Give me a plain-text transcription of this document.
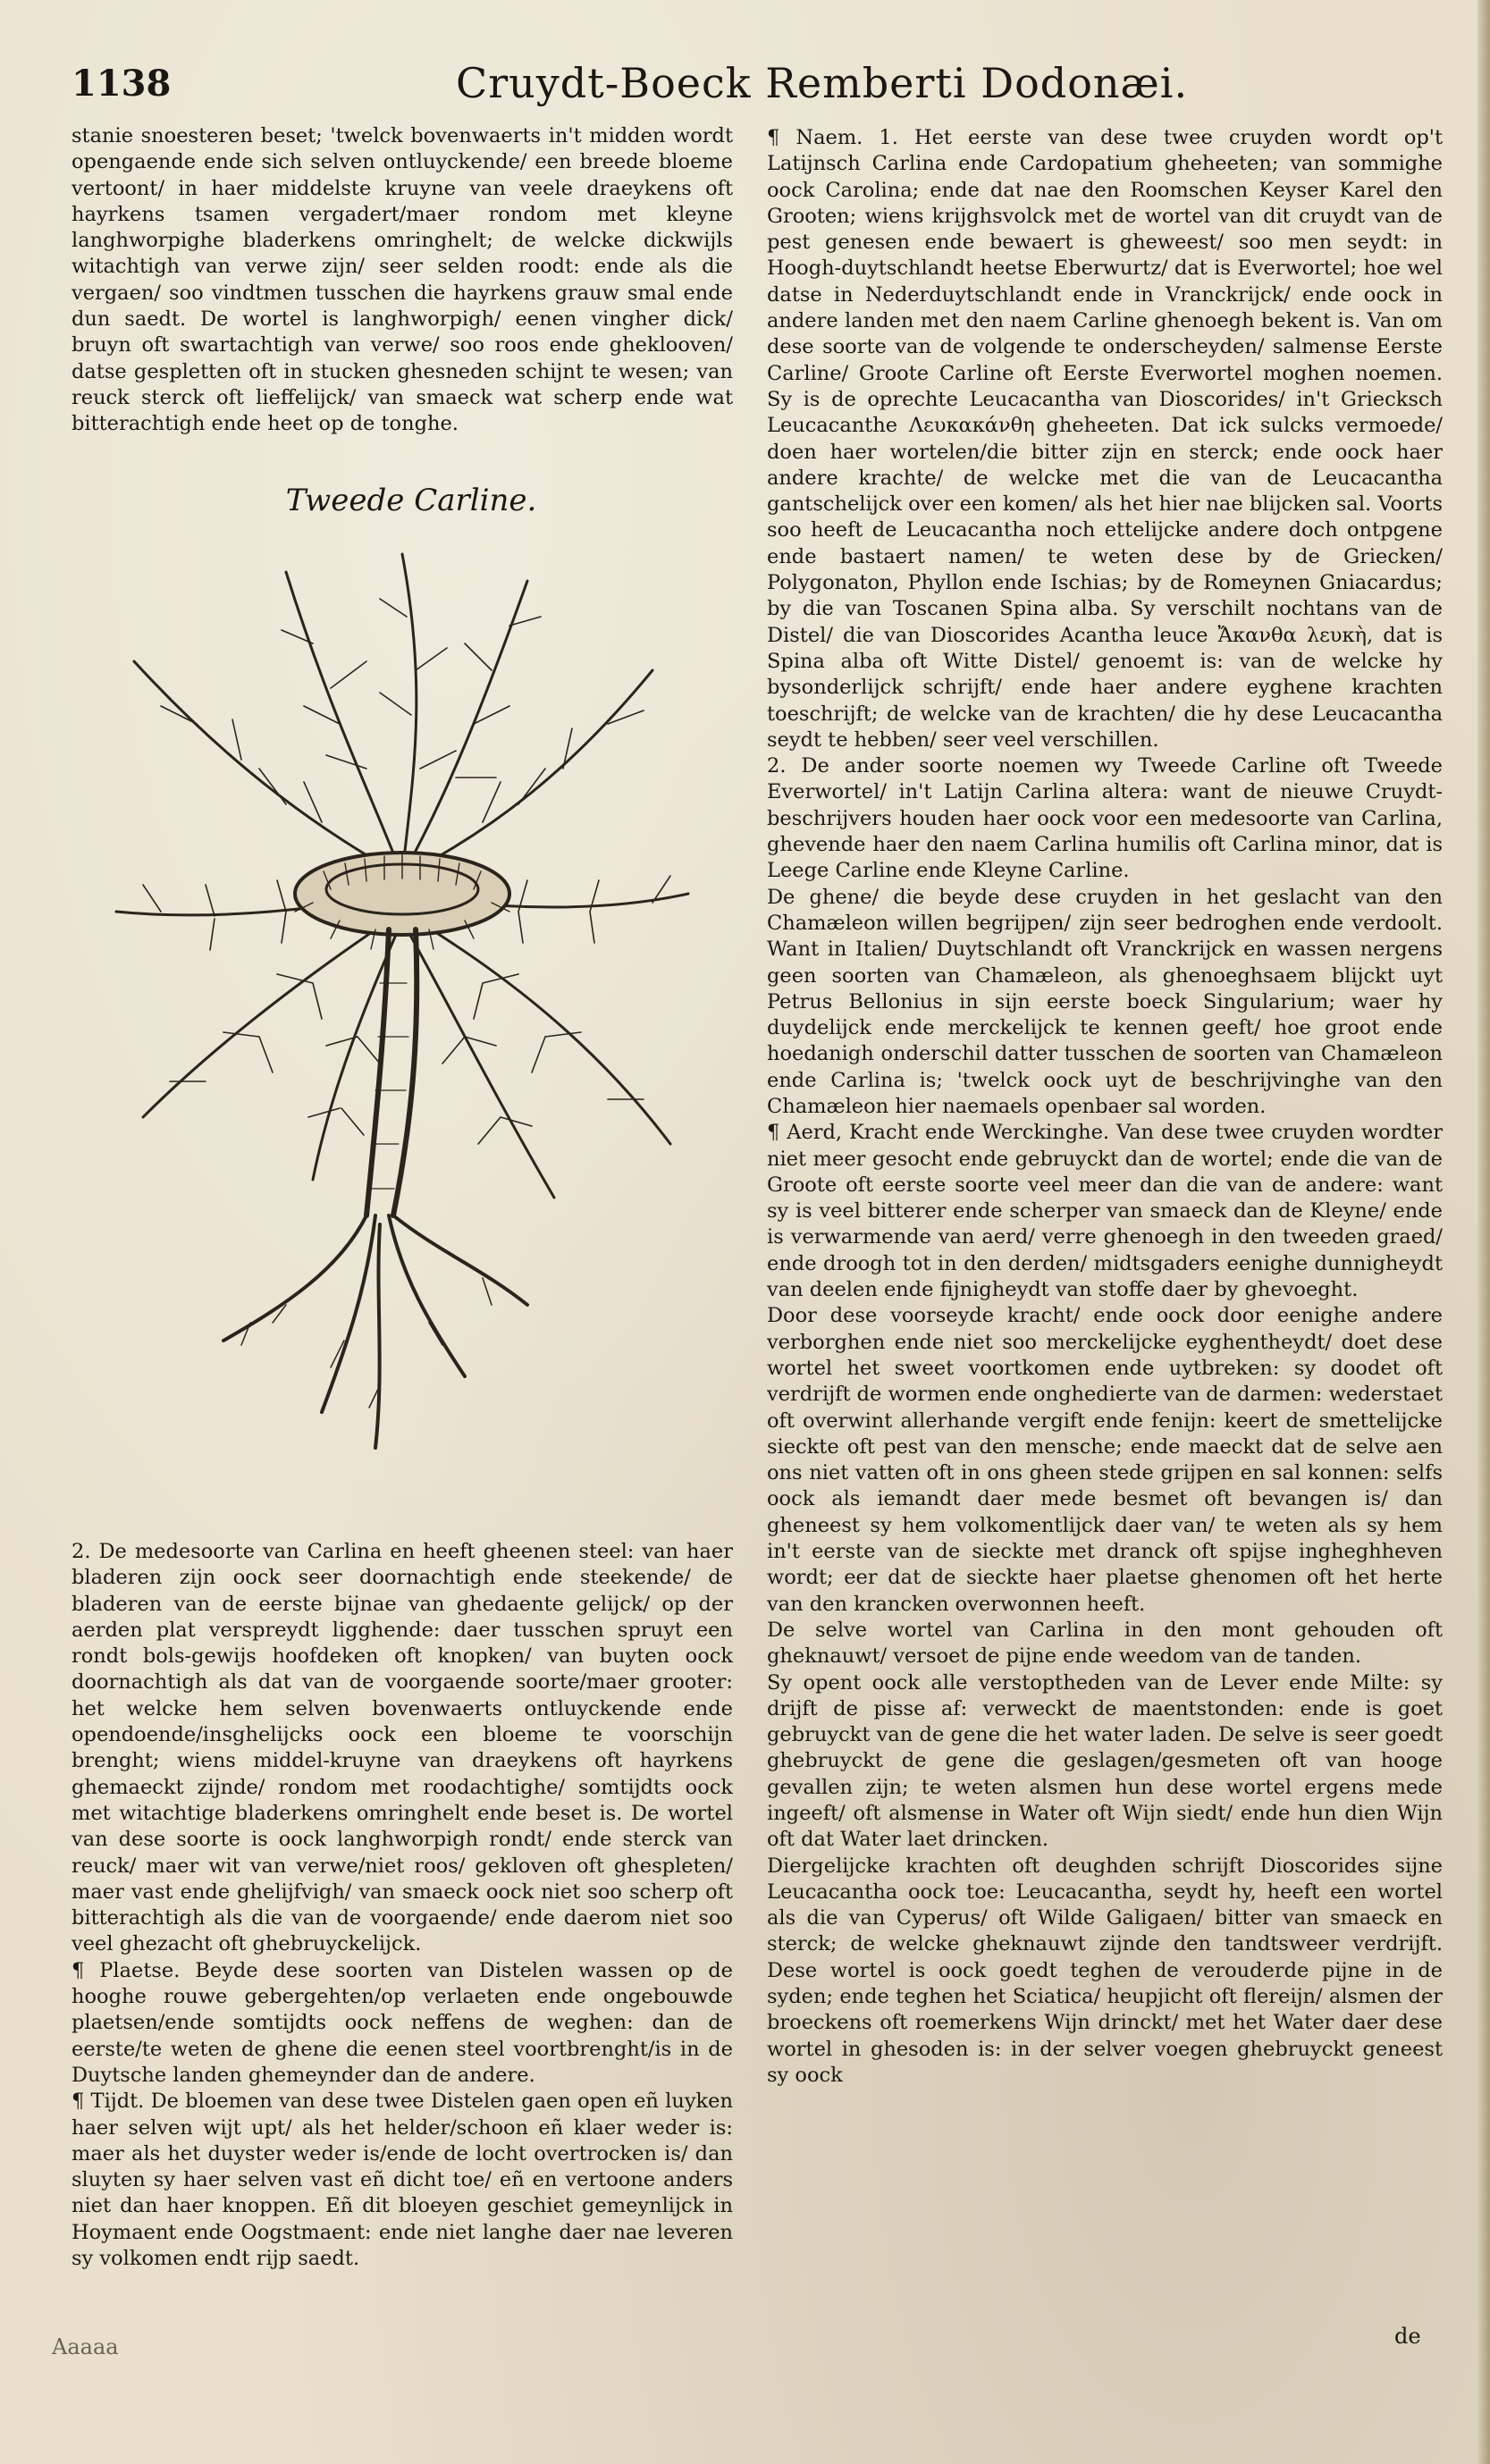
1138	Cruydt-Boeck Remberti Dodonæi.

stanie snoesteren beset; 'twelck bovenwaerts in't midden wordt opengaende ende sich selven ontluyckende/ een breede bloeme vertoont/ in haer middelste kruyne van veele draeykens oft hayrkens tsamen vergadert/maer rondom met kleyne langhworpighe bladerkens omringhelt; de welcke dickwijls witachtigh van verwe zijn/ seer selden roodt: ende als die vergaen/ soo vindtmen tusschen die hayrkens grauw smal ende dun saedt. De wortel is langhworpigh/ eenen vingher dick/ bruyn oft swartachtigh van verwe/ soo roos ende gheklooven/ datse gespletten oft in stucken ghesneden schijnt te wesen; van reuck sterck oft lieffelijck/ van smaeck wat scherp ende wat bitterachtigh ende heet op de tonghe.

Tweede Carline.

2. De medesoorte van Carlina en heeft gheenen steel: van haer bladeren zijn oock seer doornachtigh ende steekende/ de bladeren van de eerste bijnae van ghedaente gelijck/ op der aerden plat verspreydt ligghende: daer tusschen spruyt een rondt bols-gewijs hoofdeken oft knopken/ van buyten oock doornachtigh als dat van de voorgaende soorte/maer grooter: het welcke hem selven bovenwaerts ontluyckende ende opendoende/insghelijcks oock een bloeme te voorschijn brenght; wiens middel-kruyne van draeykens oft hayrkens ghemaeckt zijnde/ rondom met roodachtighe/ somtijdts oock met witachtige bladerkens omringhelt ende beset is. De wortel van dese soorte is oock langhworpigh rondt/ ende sterck van reuck/ maer wit van verwe/niet roos/ gekloven oft ghespleten/ maer vast ende ghelijfvigh/ van smaeck oock niet soo scherp oft bitterachtigh als die van de voorgaende/ ende daerom niet soo veel ghezacht oft ghebruyckelijck.

¶ Plaetse. Beyde dese soorten van Distelen wassen op de hooghe rouwe gebergehten/op verlaeten ende ongebouwde plaetsen/ende somtijdts oock neffens de weghen: dan de eerste/te weten de ghene die eenen steel voortbrenght/is in de Duytsche landen ghemeynder dan de andere.

¶ Tijdt. De bloemen van dese twee Distelen gaen open eñ luyken haer selven wijt upt/ als het helder/schoon eñ klaer weder is: maer als het duyster weder is/ende de locht overtrocken is/ dan sluyten sy haer selven vast eñ dicht toe/ eñ en vertoone anders niet dan haer knoppen. Eñ dit bloeyen geschiet gemeynlijck in Hoymaent ende Oogstmaent: ende niet langhe daer nae leveren sy volkomen endt rijp saedt.

¶ Naem. 1. Het eerste van dese twee cruyden wordt op't Latijnsch Carlina ende Cardopatium gheheeten; van sommighe oock Carolina; ende dat nae den Roomschen Keyser Karel den Grooten; wiens krijghsvolck met de wortel van dit cruydt van de pest genesen ende bewaert is gheweest/ soo men seydt: in Hoogh-duytschlandt heetse Eberwurtz/ dat is Everwortel; hoe wel datse in Nederduytschlandt ende in Vranckrijck/ ende oock in andere landen met den naem Carline ghenoegh bekent is. Van om dese soorte van de volgende te onderscheyden/ salmense Eerste Carline/ Groote Carline oft Eerste Everwortel moghen noemen. Sy is de oprechte Leucacantha van Dioscorides/ in't Griecksch Leucacanthe Λευκακάνθη gheheeten. Dat ick sulcks vermoede/ doen haer wortelen/die bitter zijn en sterck; ende oock haer andere krachte/ de welcke met die van de Leucacantha gantschelijck over een komen/ als het hier nae blijcken sal. Voorts soo heeft de Leucacantha noch ettelijcke andere doch ontpgene ende bastaert namen/ te weten dese by de Griecken/ Polygonaton, Phyllon ende Ischias; by de Romeynen Gniacardus; by die van Toscanen Spina alba. Sy verschilt nochtans van de Distel/ die van Dioscorides Acantha leuce Ἄκανθα λευκὴ, dat is Spina alba oft Witte Distel/ genoemt is: van de welcke hy bysonderlijck schrijft/ ende haer andere eyghene krachten toeschrijft; de welcke van de krachten/ die hy dese Leucacantha seydt te hebben/ seer veel verschillen.

2. De ander soorte noemen wy Tweede Carline oft Tweede Everwortel/ in't Latijn Carlina altera: want de nieuwe Cruydt-beschrijvers houden haer oock voor een medesoorte van Carlina, ghevende haer den naem Carlina humilis oft Carlina minor, dat is Leege Carline ende Kleyne Carline.

De ghene/ die beyde dese cruyden in het geslacht van den Chamæleon willen begrijpen/ zijn seer bedroghen ende verdoolt. Want in Italien/ Duytschlandt oft Vranckrijck en wassen nergens geen soorten van Chamæleon, als ghenoeghsaem blijckt uyt Petrus Bellonius in sijn eerste boeck Singularium; waer hy duydelijck ende merckelijck te kennen geeft/ hoe groot ende hoedanigh onderschil datter tusschen de soorten van Chamæleon ende Carlina is; 'twelck oock uyt de beschrijvinghe van den Chamæleon hier naemaels openbaer sal worden.

¶ Aerd, Kracht ende Werckinghe. Van dese twee cruyden wordter niet meer gesocht ende gebruyckt dan de wortel; ende die van de Groote oft eerste soorte veel meer dan die van de andere: want sy is veel bitterer ende scherper van smaeck dan de Kleyne/ ende is verwarmende van aerd/ verre ghenoegh in den tweeden graed/ ende droogh tot in den derden/ midtsgaders eenighe dunnigheydt van deelen ende fijnigheydt van stoffe daer by ghevoeght.

Door dese voorseyde kracht/ ende oock door eenighe andere verborghen ende niet soo merckelijcke eyghentheydt/ doet dese wortel het sweet voortkomen ende uytbreken: sy doodet oft verdrijft de wormen ende onghedierte van de darmen: wederstaet oft overwint allerhande vergift ende fenijn: keert de smettelijcke sieckte oft pest van den mensche; ende maeckt dat de selve aen ons niet vatten oft in ons gheen stede grijpen en sal konnen: selfs oock als iemandt daer mede besmet oft bevangen is/ dan gheneest sy hem volkomentlijck daer van/ te weten als sy hem in't eerste van de sieckte met dranck oft spijse ingheghheven wordt; eer dat de sieckte haer plaetse ghenomen oft het herte van den krancken overwonnen heeft.

De selve wortel van Carlina in den mont gehouden oft gheknauwt/ versoet de pijne ende weedom van de tanden.

Sy opent oock alle verstoptheden van de Lever ende Milte: sy drijft de pisse af: verweckt de maentstonden: ende is goet gebruyckt van de gene die het water laden. De selve is seer goedt ghebruyckt de gene die geslagen/gesmeten oft van hooge gevallen zijn; te weten alsmen hun dese wortel ergens mede ingeeft/ oft alsmense in Water oft Wijn siedt/ ende hun dien Wijn oft dat Water laet drincken.

Diergelijcke krachten oft deughden schrijft Dioscorides sijne Leucacantha oock toe: Leucacantha, seydt hy, heeft een wortel als die van Cyperus/ oft Wilde Galigaen/ bitter van smaeck en sterck; de welcke gheknauwt zijnde den tandtsweer verdrijft. Dese wortel is oock goedt teghen de verouderde pijne in de syden; ende teghen het Sciatica/ heupjicht oft flereijn/ alsmen der broeckens oft roemerkens Wijn drinckt/ met het Water daer dese wortel in ghesoden is: in der selver voegen ghebruyckt geneest sy oock

Aaaaa	de
